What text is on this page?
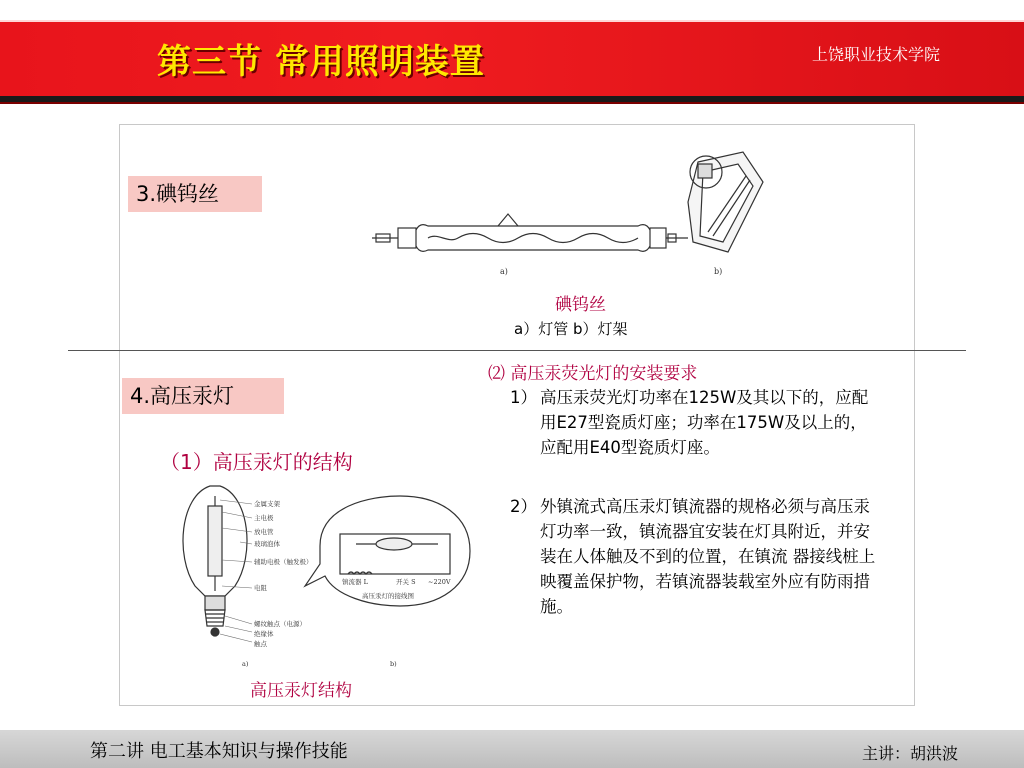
第三节 常用照明装置	上饶职业技术学院
3.碘钨丝
a)	b)
碘钨丝
a）灯管 b）灯架
4.高压汞灯
（1）高压汞灯的结构
金属支架
主电极
放电管
玻璃泡体
辅助电极（触发极）
电阻
螺纹触点（电源）
绝缘体
触点
a)	b)
镇流器 L	开关 S ~220V
高压汞灯的接线图
高压汞灯结构
⑵ 高压汞荧光灯的安装要求
1） 高压汞荧光灯功率在125W及其以下的，应配用E27型瓷质灯座；功率在175W及以上的，应配用E40型瓷质灯座。
2） 外镇流式高压汞灯镇流器的规格必须与高压汞灯功率一致，镇流器宜安装在灯具附近，并安装在人体触及不到的位置，在镇流 器接线桩上映覆盖保护物，若镇流器装载室外应有防雨措施。
第二讲 电工基本知识与操作技能	主讲：胡洪波
